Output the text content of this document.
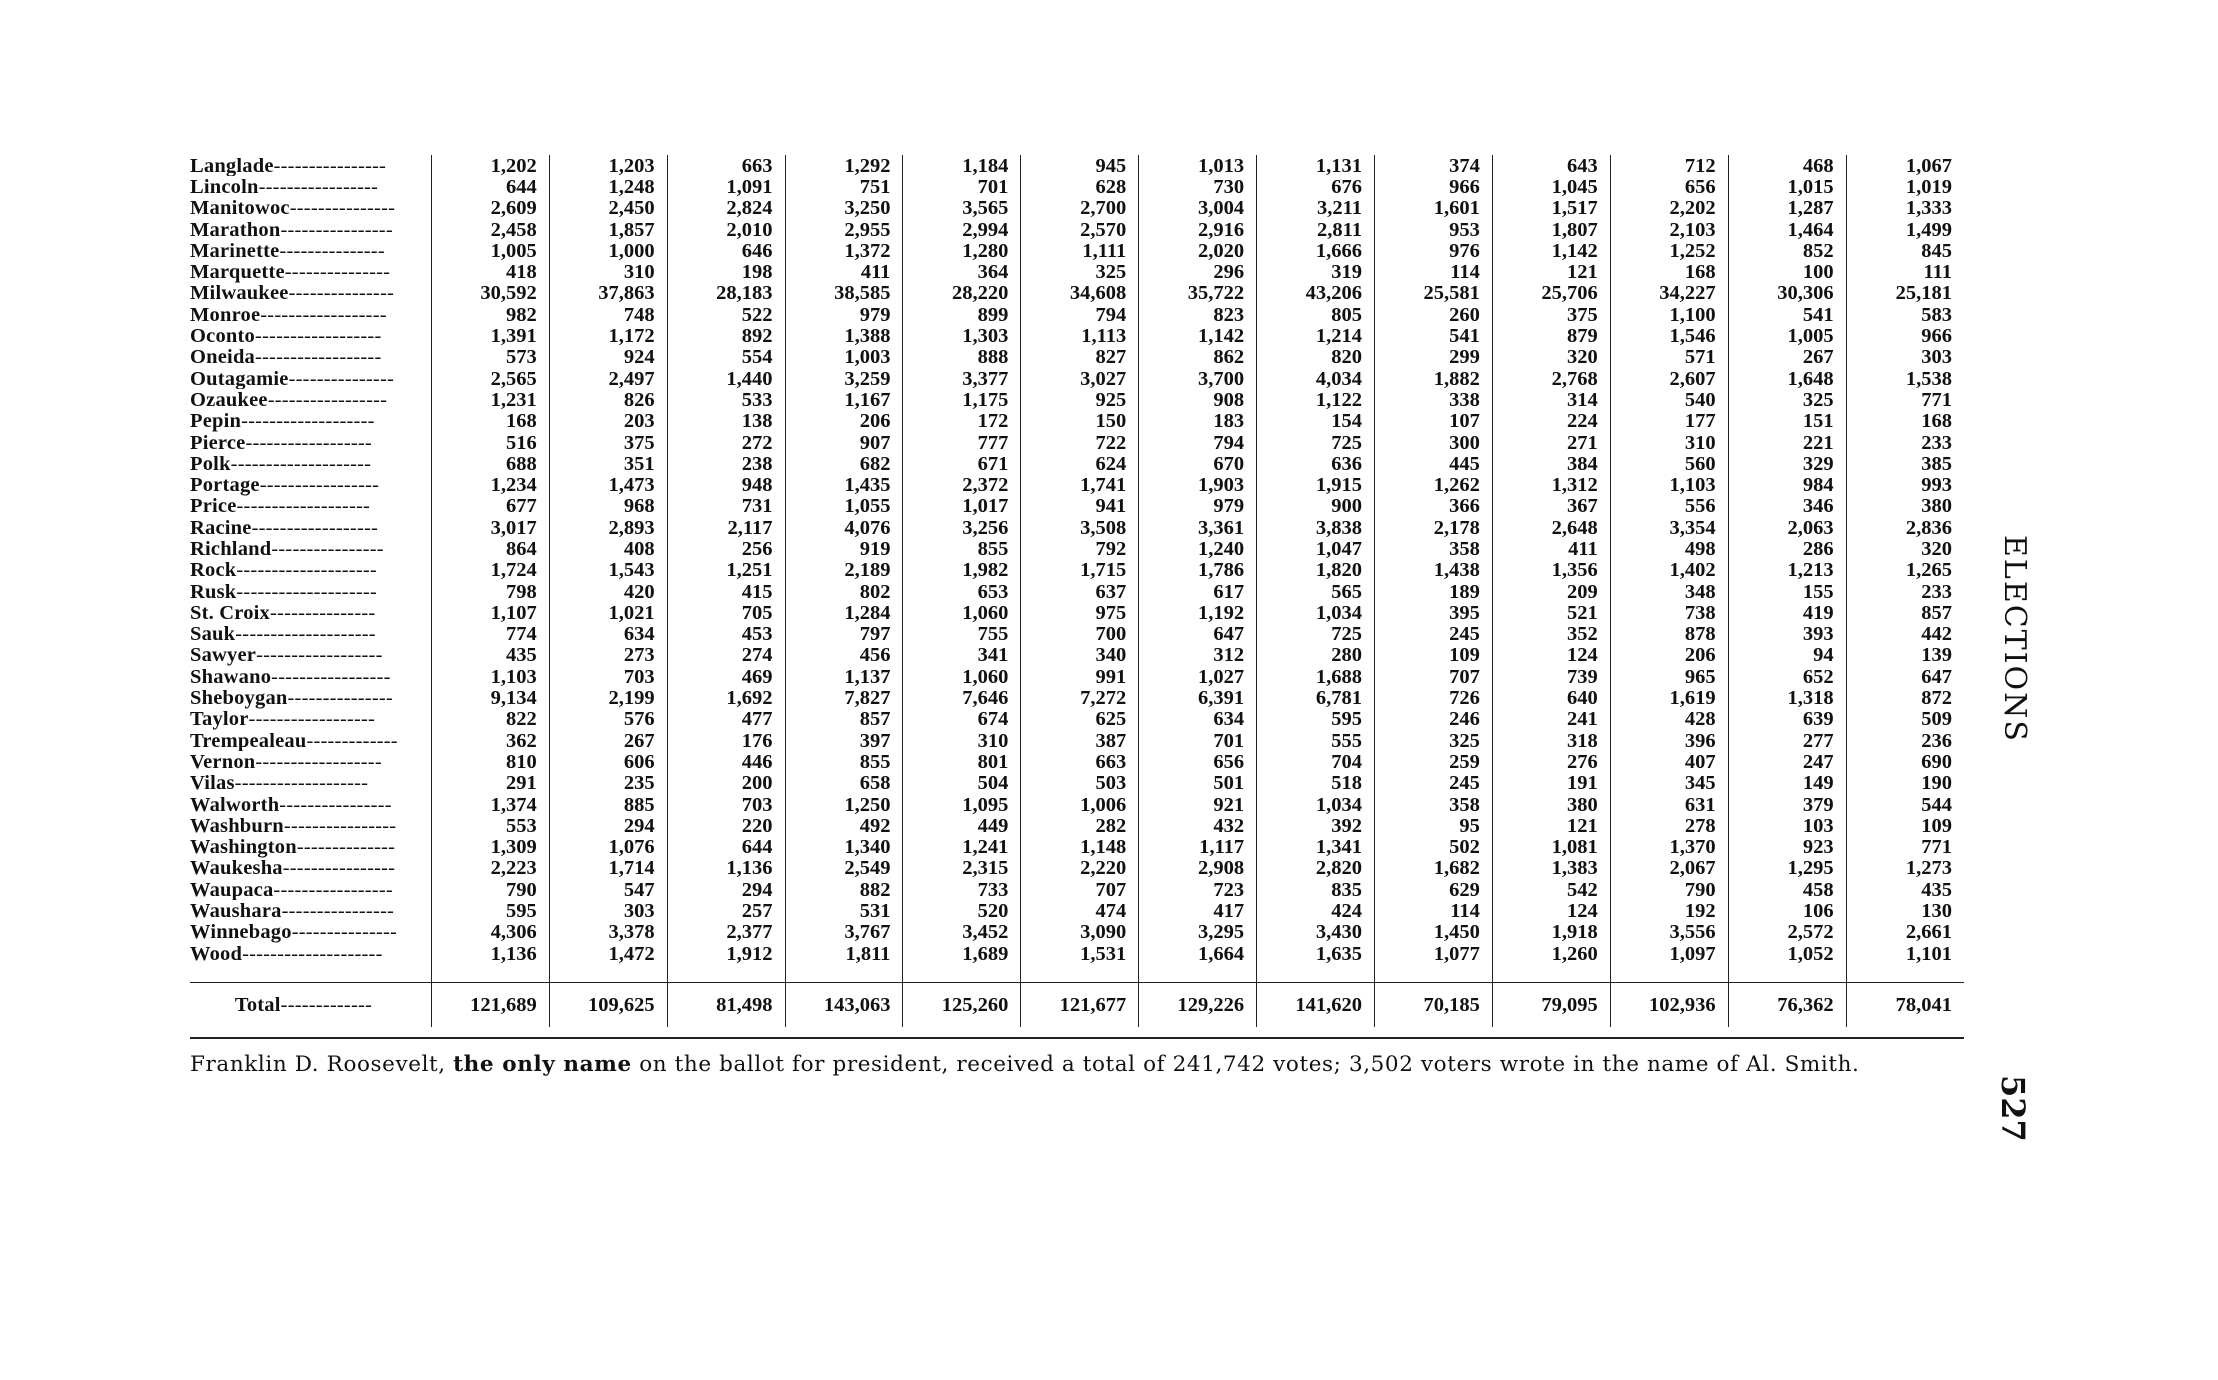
Langlade----------------	1,202	1,203	663	1,292	1,184	945	1,013	1,131	374	643	712	468	1,067
Lincoln-----------------	644	1,248	1,091	751	701	628	730	676	966	1,045	656	1,015	1,019
Manitowoc---------------	2,609	2,450	2,824	3,250	3,565	2,700	3,004	3,211	1,601	1,517	2,202	1,287	1,333
Marathon----------------	2,458	1,857	2,010	2,955	2,994	2,570	2,916	2,811	953	1,807	2,103	1,464	1,499
Marinette---------------	1,005	1,000	646	1,372	1,280	1,111	2,020	1,666	976	1,142	1,252	852	845
Marquette---------------	418	310	198	411	364	325	296	319	114	121	168	100	111
Milwaukee---------------	30,592	37,863	28,183	38,585	28,220	34,608	35,722	43,206	25,581	25,706	34,227	30,306	25,181
Monroe------------------	982	748	522	979	899	794	823	805	260	375	1,100	541	583
Oconto------------------	1,391	1,172	892	1,388	1,303	1,113	1,142	1,214	541	879	1,546	1,005	966
Oneida------------------	573	924	554	1,003	888	827	862	820	299	320	571	267	303
Outagamie---------------	2,565	2,497	1,440	3,259	3,377	3,027	3,700	4,034	1,882	2,768	2,607	1,648	1,538
Ozaukee-----------------	1,231	826	533	1,167	1,175	925	908	1,122	338	314	540	325	771
Pepin-------------------	168	203	138	206	172	150	183	154	107	224	177	151	168
Pierce------------------	516	375	272	907	777	722	794	725	300	271	310	221	233
Polk--------------------	688	351	238	682	671	624	670	636	445	384	560	329	385
Portage-----------------	1,234	1,473	948	1,435	2,372	1,741	1,903	1,915	1,262	1,312	1,103	984	993
Price-------------------	677	968	731	1,055	1,017	941	979	900	366	367	556	346	380
Racine------------------	3,017	2,893	2,117	4,076	3,256	3,508	3,361	3,838	2,178	2,648	3,354	2,063	2,836
Richland----------------	864	408	256	919	855	792	1,240	1,047	358	411	498	286	320
Rock--------------------	1,724	1,543	1,251	2,189	1,982	1,715	1,786	1,820	1,438	1,356	1,402	1,213	1,265
Rusk--------------------	798	420	415	802	653	637	617	565	189	209	348	155	233
St. Croix---------------	1,107	1,021	705	1,284	1,060	975	1,192	1,034	395	521	738	419	857
Sauk--------------------	774	634	453	797	755	700	647	725	245	352	878	393	442
Sawyer------------------	435	273	274	456	341	340	312	280	109	124	206	94	139
Shawano-----------------	1,103	703	469	1,137	1,060	991	1,027	1,688	707	739	965	652	647
Sheboygan---------------	9,134	2,199	1,692	7,827	7,646	7,272	6,391	6,781	726	640	1,619	1,318	872
Taylor------------------	822	576	477	857	674	625	634	595	246	241	428	639	509
Trempealeau-------------	362	267	176	397	310	387	701	555	325	318	396	277	236
Vernon------------------	810	606	446	855	801	663	656	704	259	276	407	247	690
Vilas-------------------	291	235	200	658	504	503	501	518	245	191	345	149	190
Walworth----------------	1,374	885	703	1,250	1,095	1,006	921	1,034	358	380	631	379	544
Washburn----------------	553	294	220	492	449	282	432	392	95	121	278	103	109
Washington--------------	1,309	1,076	644	1,340	1,241	1,148	1,117	1,341	502	1,081	1,370	923	771
Waukesha----------------	2,223	1,714	1,136	2,549	2,315	2,220	2,908	2,820	1,682	1,383	2,067	1,295	1,273
Waupaca-----------------	790	547	294	882	733	707	723	835	629	542	790	458	435
Waushara----------------	595	303	257	531	520	474	417	424	114	124	192	106	130
Winnebago---------------	4,306	3,378	2,377	3,767	3,452	3,090	3,295	3,430	1,450	1,918	3,556	2,572	2,661
Wood--------------------	1,136	1,472	1,912	1,811	1,689	1,531	1,664	1,635	1,077	1,260	1,097	1,052	1,101

Total-------------	121,689	109,625	81,498	143,063	125,260	121,677	129,226	141,620	70,185	79,095	102,936	76,362	78,041

Franklin D. Roosevelt, the only name on the ballot for president, received a total of 241,742 votes; 3,502 voters wrote in the name of Al. Smith.

ELECTIONS
527
